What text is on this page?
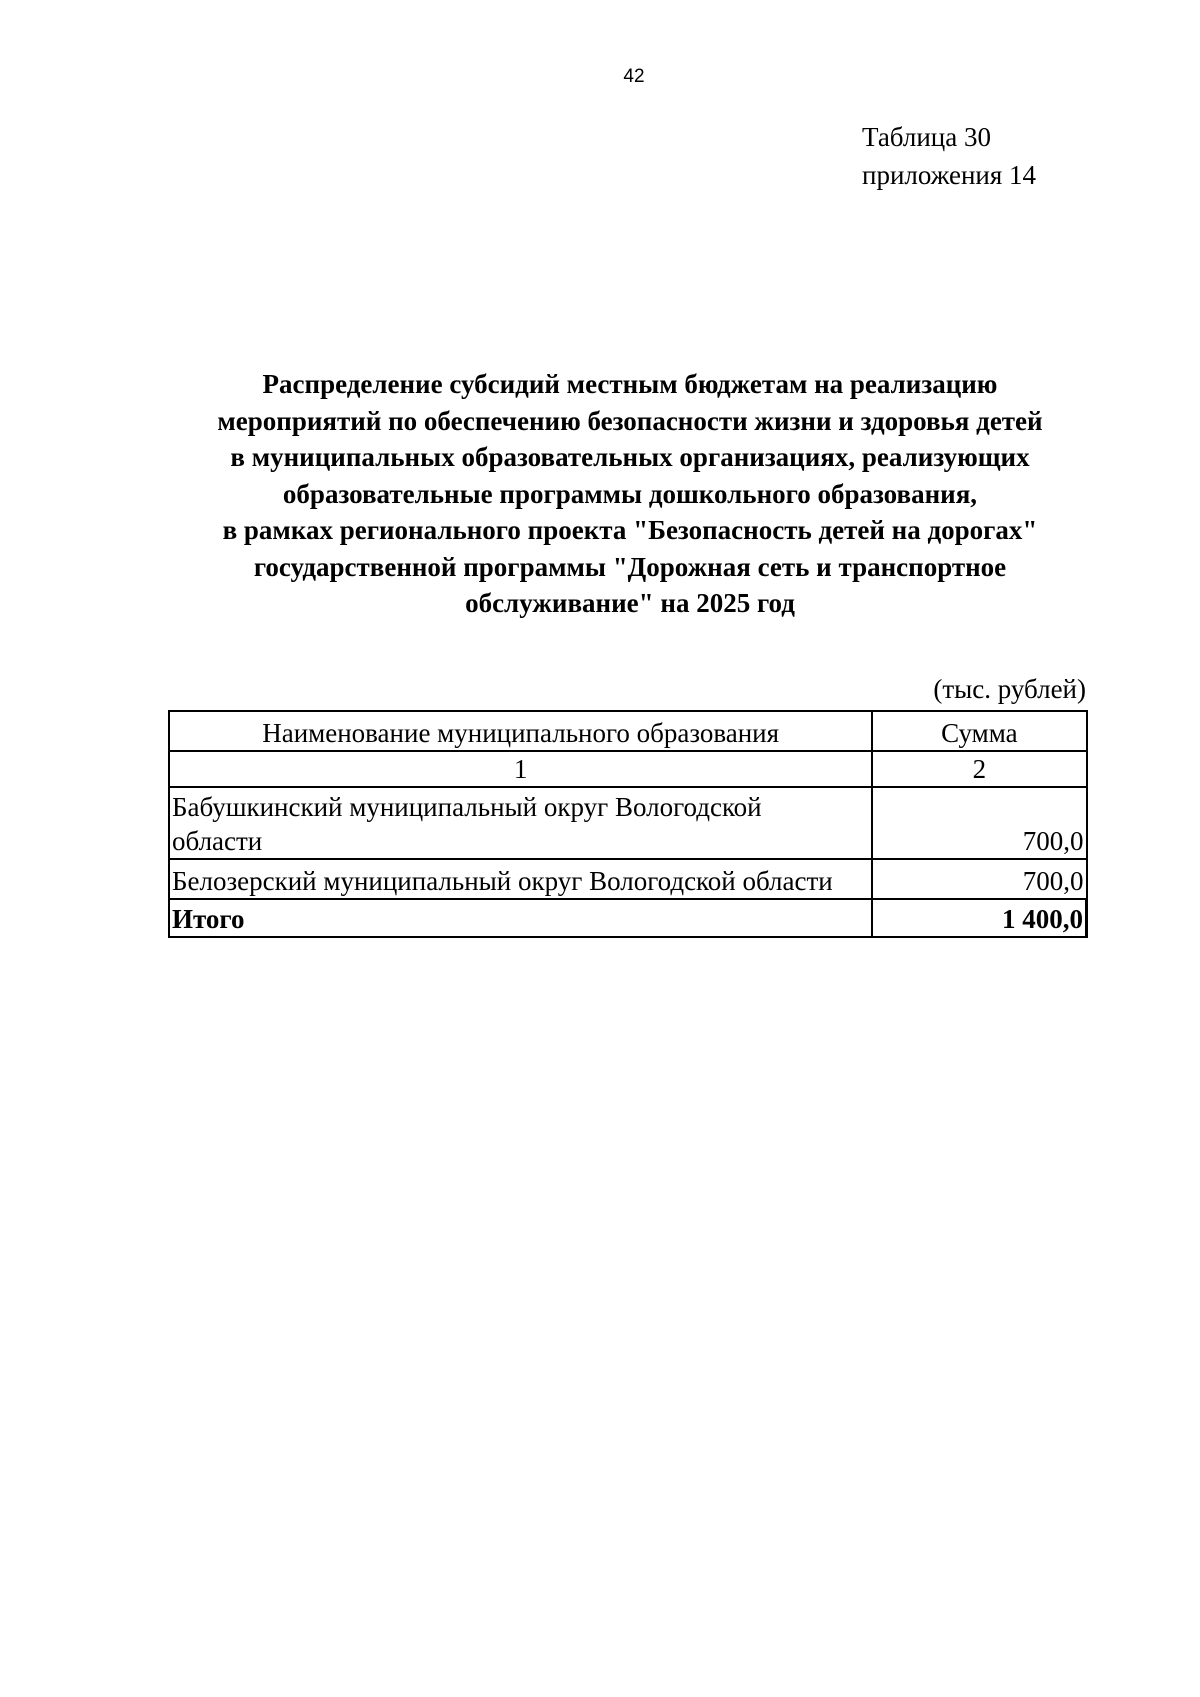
42
Таблица 30
приложения 14
Распределение субсидий местным бюджетам на реализацию
мероприятий по обеспечению безопасности жизни и здоровья детей
в муниципальных образовательных организациях, реализующих
образовательные программы дошкольного образования,
в рамках регионального проекта "Безопасность детей на дорогах"
государственной программы "Дорожная сеть и транспортное
обслуживание" на 2025 год
(тыс. рублей)
Наименование муниципального образования	Сумма
1	2

Бабушкинский муниципальный округ Вологодской
области	700,0
Белозерский муниципальный округ Вологодской области	700,0
Итого	1 400,0
